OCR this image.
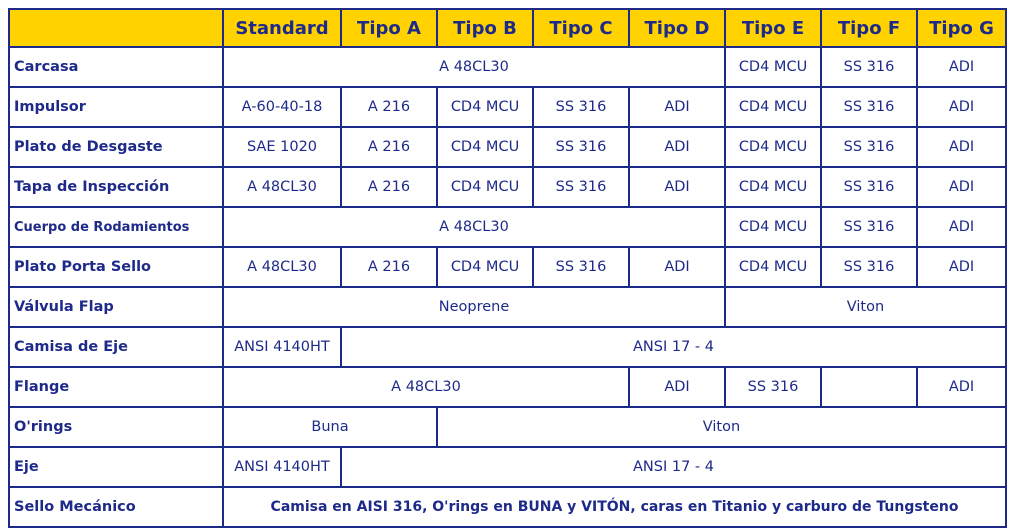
	Standard	Tipo A	Tipo B	Tipo C	Tipo D	Tipo E	Tipo F	Tipo G
Carcasa	A 48CL30					CD4 MCU	SS 316	ADI
Impulsor	A-60-40-18	A 216	CD4 MCU	SS 316	ADI	CD4 MCU	SS 316	ADI
Plato de Desgaste	SAE 1020	A 216	CD4 MCU	SS 316	ADI	CD4 MCU	SS 316	ADI
Tapa de Inspección	A 48CL30	A 216	CD4 MCU	SS 316	ADI	CD4 MCU	SS 316	ADI
Cuerpo de Rodamientos	A 48CL30					CD4 MCU	SS 316	ADI
Plato Porta Sello	A 48CL30	A 216	CD4 MCU	SS 316	ADI	CD4 MCU	SS 316	ADI
Válvula Flap	Neoprene					Viton		
Camisa de Eje	ANSI 4140HT	ANSI 17 - 4						
Flange	A 48CL30				ADI	SS 316		ADI
O'rings	Buna		Viton					
Eje	ANSI 4140HT	ANSI 17 - 4						
Sello Mecánico	Camisa en AISI 316, O'rings en BUNA y VITÓN, caras en Titanio y carburo de Tungsteno							
